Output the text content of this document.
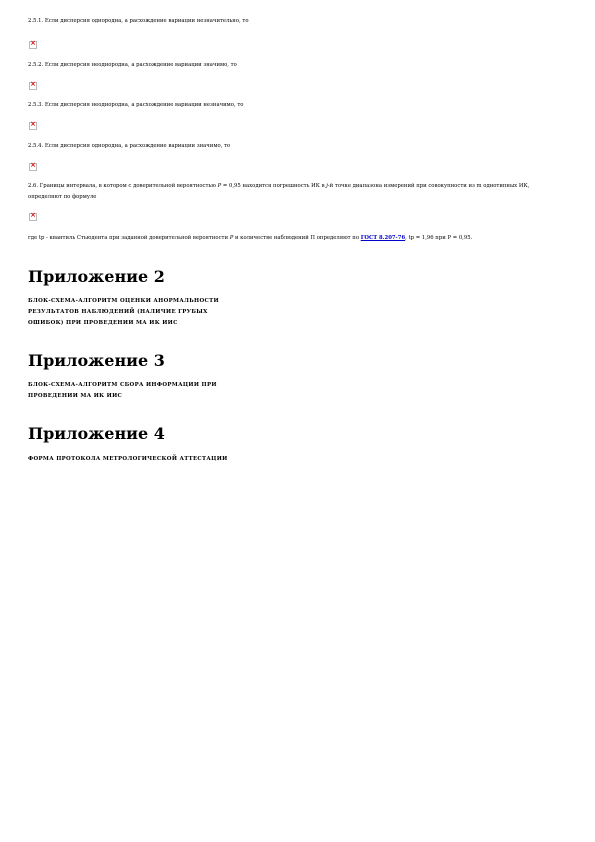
2.5.1. Если дисперсия однородна, а расхождение вариации незначительно, то
×
2.5.2. Если дисперсия неоднородна, а расхождение вариации значимо, то
×
2.5.3. Если дисперсия неоднородна, а расхождение вариации незначимо, то
×
2.5.4. Если дисперсия однородна, а расхождение вариации значимо, то
×
2.6. Границы интервала, в котором с доверительной вероятностью P = 0,95 находится погрешность ИК в j-й точке диапазона измерений при совокупности из m однотипных ИК, определяют по формуле
×
где tр - квантиль Стьюдента при заданной доверительной вероятности P и количестве наблюдений П определяют по ГОСТ 8.207-76, tр = 1,96 при P = 0,95.
Приложение 2
БЛОК-СХЕМА-АЛГОРИТМ ОЦЕНКИ АНОРМАЛЬНОСТИ
РЕЗУЛЬТАТОВ НАБЛЮДЕНИЙ (НАЛИЧИЕ ГРУБЫХ
ОШИБОК) ПРИ ПРОВЕДЕНИИ МА ИК ИИС
Приложение 3
БЛОК-СХЕМА-АЛГОРИТМ СБОРА ИНФОРМАЦИИ ПРИ
ПРОВЕДЕНИИ МА ИК ИИС
Приложение 4
ФОРМА ПРОТОКОЛА МЕТРОЛОГИЧЕСКОЙ АТТЕСТАЦИИ
